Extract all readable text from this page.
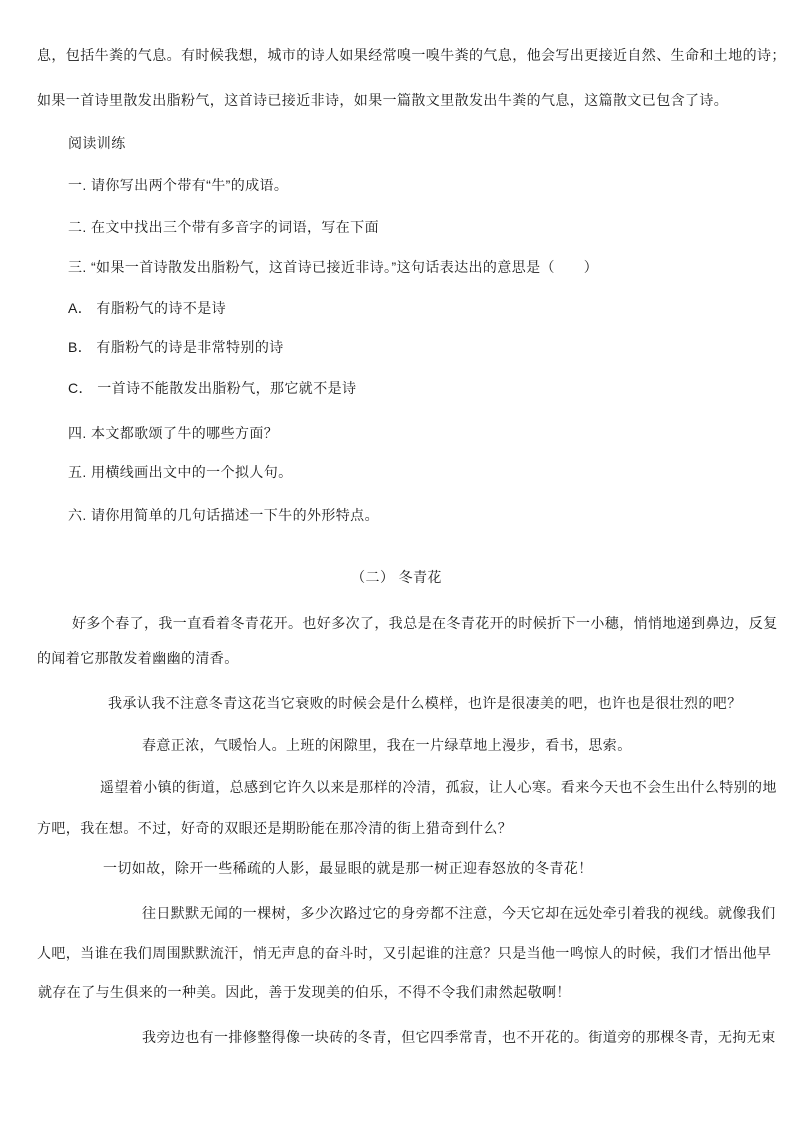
息，包括牛粪的气息。有时候我想，城市的诗人如果经常嗅一嗅牛粪的气息，他会写出更接近自然、生命和土地的诗；
如果一首诗里散发出脂粉气，这首诗已接近非诗，如果一篇散文里散发出牛粪的气息，这篇散文已包含了诗。
阅读训练
一. 请你写出两个带有“牛”的成语。
二. 在文中找出三个带有多音字的词语，写在下面
三. “如果一首诗散发出脂粉气，这首诗已接近非诗。”这句话表达出的意思是（　　）
A． 有脂粉气的诗不是诗
B． 有脂粉气的诗是非常特别的诗
C． 一首诗不能散发出脂粉气，那它就不是诗
四. 本文都歌颂了牛的哪些方面？
五. 用横线画出文中的一个拟人句。
六. 请你用简单的几句话描述一下牛的外形特点。
（二） 冬青花
好多个春了，我一直看着冬青花开。也好多次了，我总是在冬青花开的时候折下一小穗，悄悄地递到鼻边，反复
的闻着它那散发着幽幽的清香。
我承认我不注意冬青这花当它衰败的时候会是什么模样，也许是很凄美的吧，也许也是很壮烈的吧？
春意正浓，气暖怡人。上班的闲隙里，我在一片绿草地上漫步，看书，思索。
遥望着小镇的街道，总感到它许久以来是那样的冷清，孤寂，让人心寒。看来今天也不会生出什么特别的地
方吧，我在想。不过，好奇的双眼还是期盼能在那冷清的街上猎奇到什么？
一切如故，除开一些稀疏的人影，最显眼的就是那一树正迎春怒放的冬青花！
往日默默无闻的一棵树，多少次路过它的身旁都不注意，今天它却在远处牵引着我的视线。就像我们
人吧，当谁在我们周围默默流汗，悄无声息的奋斗时，又引起谁的注意？只是当他一鸣惊人的时候，我们才悟出他早
就存在了与生俱来的一种美。因此，善于发现美的伯乐，不得不令我们肃然起敬啊！
我旁边也有一排修整得像一块砖的冬青，但它四季常青，也不开花的。街道旁的那棵冬青，无拘无束
